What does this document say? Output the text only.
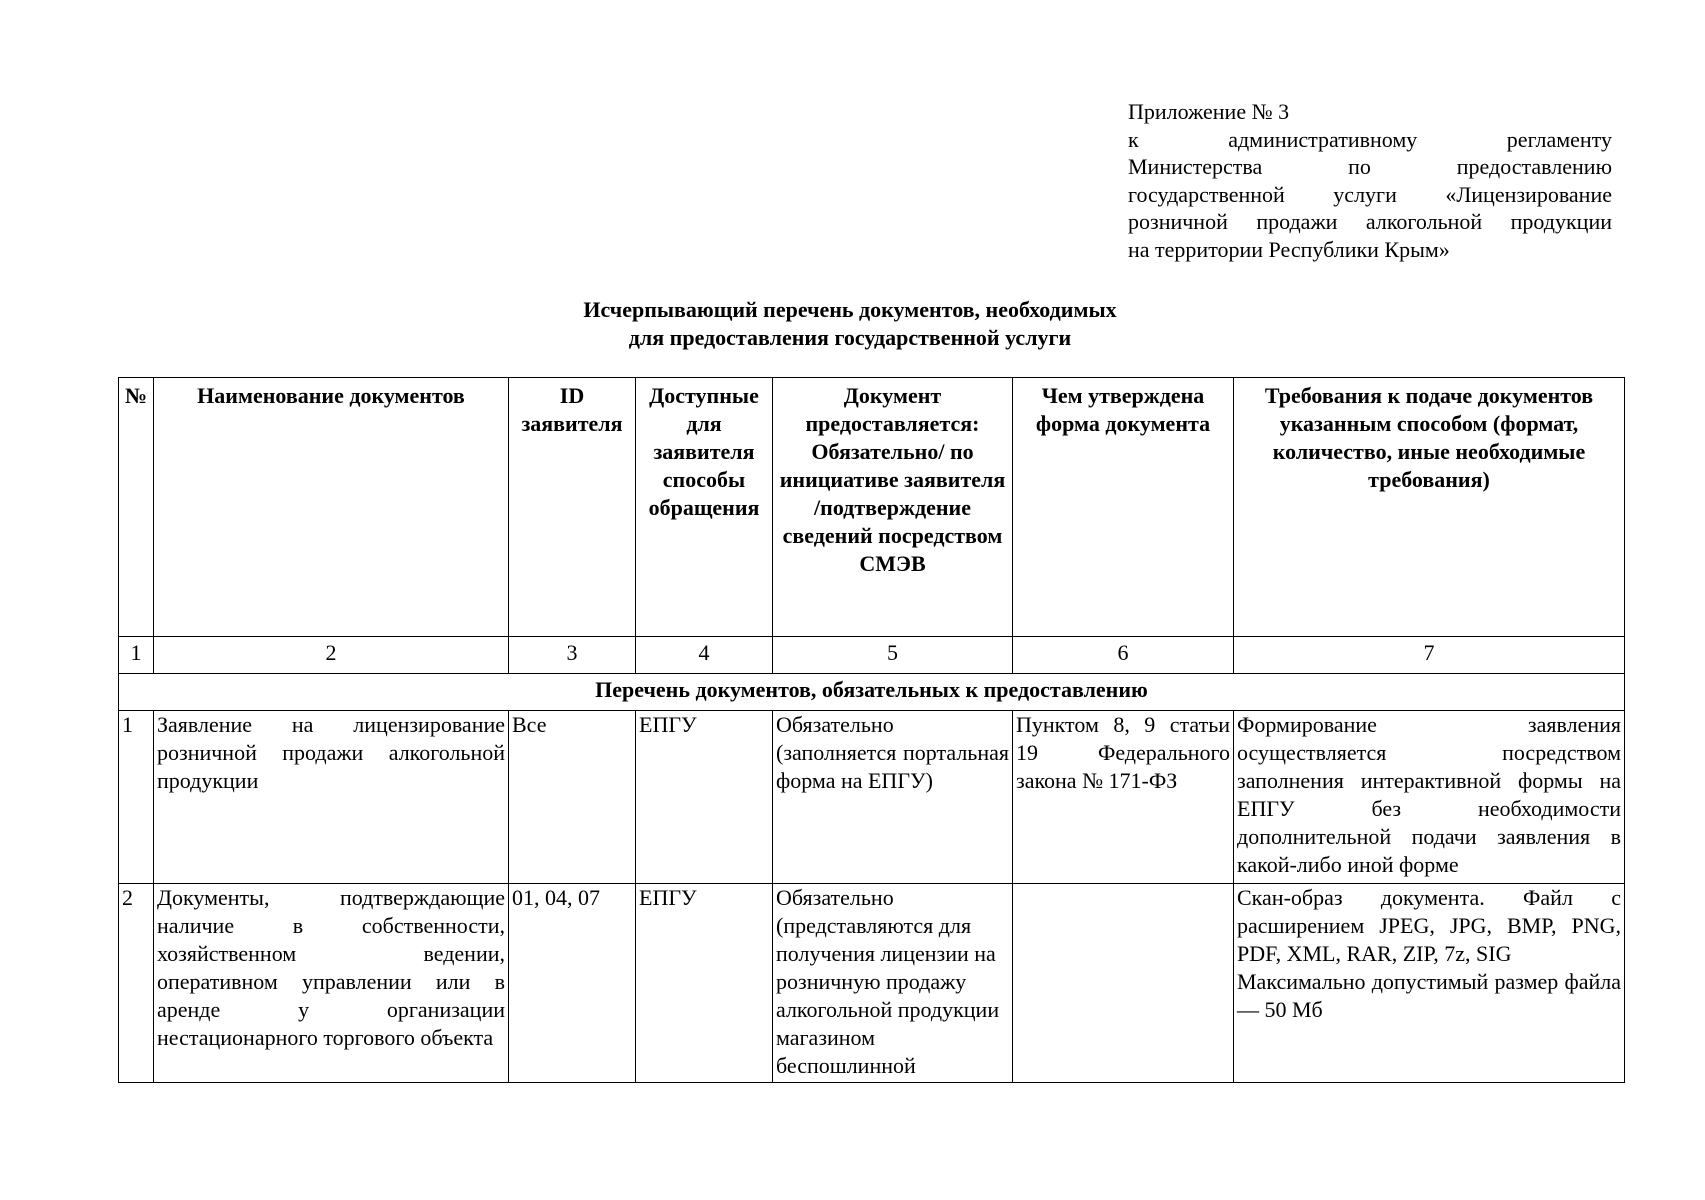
Приложение № 3
к административному регламенту
Министерства по предоставлению
государственной услуги «Лицензирование
розничной продажи алкогольной продукции
на территории Республики Крым»
Исчерпывающий перечень документов, необходимых
для предоставления государственной услуги
№	Наименование документов	ID заявителя	Доступные для заявителя способы обращения	Документ предоставляется: Обязательно/ по инициативе заявителя /подтверждение сведений посредством СМЭВ	Чем утверждена форма документа	Требования к подаче документов указанным способом (формат, количество, иные необходимые требования)
1	2	3	4	5	6	7
Перечень документов, обязательных к предоставлению						
1	Заявление на лицензирование розничной продажи алкогольной продукции	Все	ЕПГУ	Обязательно (заполняется портальная форма на ЕПГУ)	Пунктом 8, 9 статьи 19 Федерального закона № 171-ФЗ	Формирование заявления осуществляется посредством заполнения интерактивной формы на ЕПГУ без необходимости дополнительной подачи заявления в какой-либо иной форме
2	Документы, подтверждающие наличие в собственности, хозяйственном ведении, оперативном управлении или в аренде у организации нестационарного торгового объекта	01, 04, 07	ЕПГУ	Обязательно (представляются для получения лицензии на розничную продажу алкогольной продукции магазином беспошлинной		Скан-образ документа. Файл с расширением JPEG, JPG, BMP, PNG, PDF, XML, RAR, ZIP, 7z, SIG
Максимально допустимый размер файла — 50 Мб
